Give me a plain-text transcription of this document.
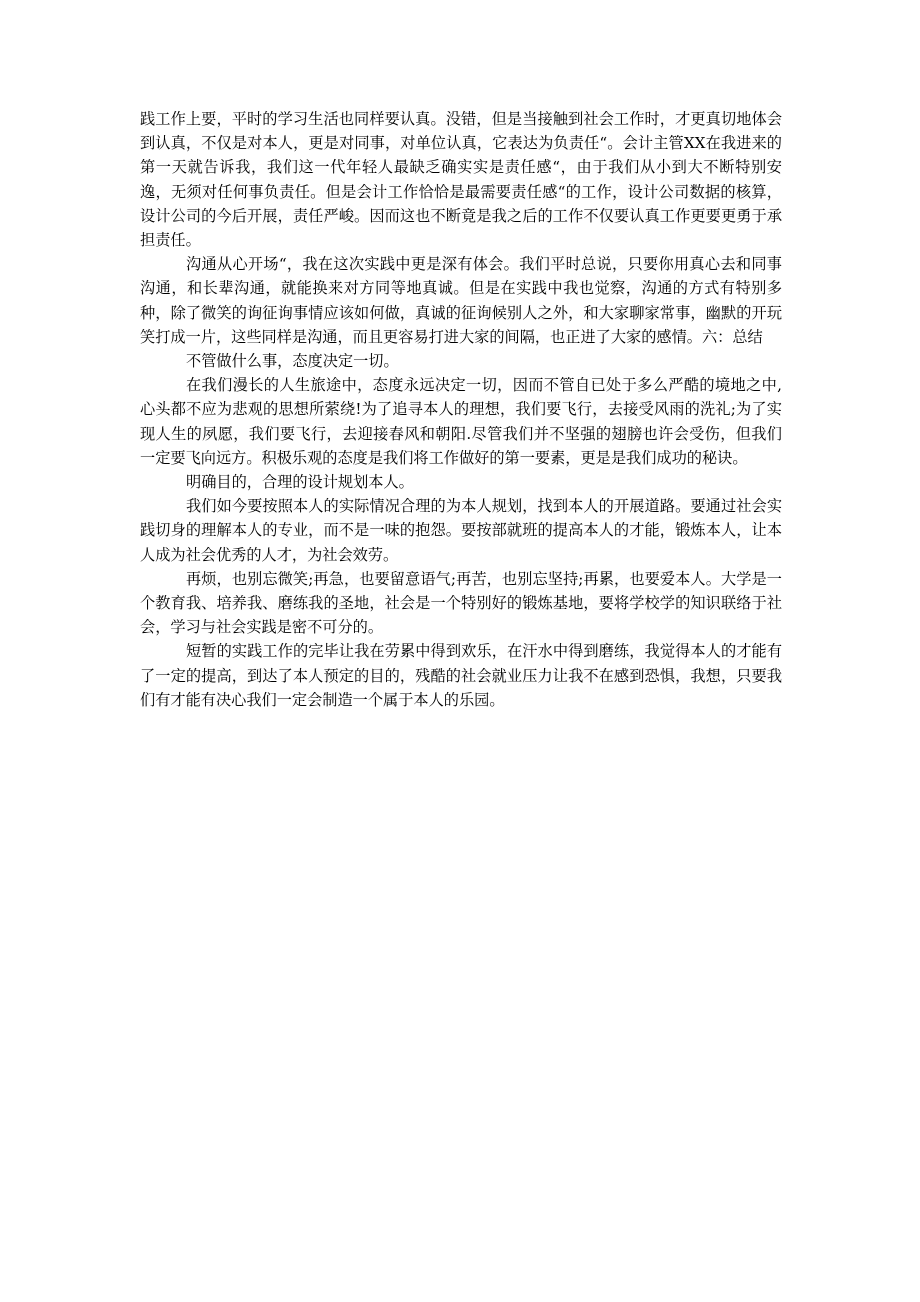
践工作上要，平时的学习生活也同样要认真。没错，但是当接触到社会工作时，才更真切地体会到认真，不仅是对本人，更是对同事，对单位认真，它表达为负责任“。会计主管XX在我进来的第一天就告诉我，我们这一代年轻人最缺乏确实实是责任感“，由于我们从小到大不断特别安逸，无须对任何事负责任。但是会计工作恰恰是最需要责任感“的工作，设计公司数据的核算，设计公司的今后开展，责任严峻。因而这也不断竟是我之后的工作不仅要认真工作更要更勇于承担责任。

沟通从心开场“，我在这次实践中更是深有体会。我们平时总说，只要你用真心去和同事沟通，和长辈沟通，就能换来对方同等地真诚。但是在实践中我也觉察，沟通的方式有特别多种，除了微笑的询征询事情应该如何做，真诚的征询候别人之外，和大家聊家常事，幽默的开玩笑打成一片，这些同样是沟通，而且更容易打进大家的间隔，也正进了大家的感情。六：总结

不管做什么事，态度决定一切。

在我们漫长的人生旅途中，态度永远决定一切，因而不管自已处于多么严酷的境地之中,心头都不应为悲观的思想所萦绕!为了追寻本人的理想，我们要飞行，去接受风雨的洗礼;为了实现人生的夙愿，我们要飞行，去迎接春风和朝阳.尽管我们并不坚强的翅膀也许会受伤，但我们一定要飞向远方。积极乐观的态度是我们将工作做好的第一要素，更是是我们成功的秘诀。

明确目的，合理的设计规划本人。

我们如今要按照本人的实际情况合理的为本人规划，找到本人的开展道路。要通过社会实践切身的理解本人的专业，而不是一味的抱怨。要按部就班的提高本人的才能，锻炼本人，让本人成为社会优秀的人才，为社会效劳。

再烦，也别忘微笑;再急，也要留意语气;再苦，也别忘坚持;再累，也要爱本人。大学是一个教育我、培养我、磨练我的圣地，社会是一个特别好的锻炼基地，要将学校学的知识联络于社会，学习与社会实践是密不可分的。

短暂的实践工作的完毕让我在劳累中得到欢乐，在汗水中得到磨练，我觉得本人的才能有了一定的提高，到达了本人预定的目的，残酷的社会就业压力让我不在感到恐惧，我想，只要我们有才能有决心我们一定会制造一个属于本人的乐园。
